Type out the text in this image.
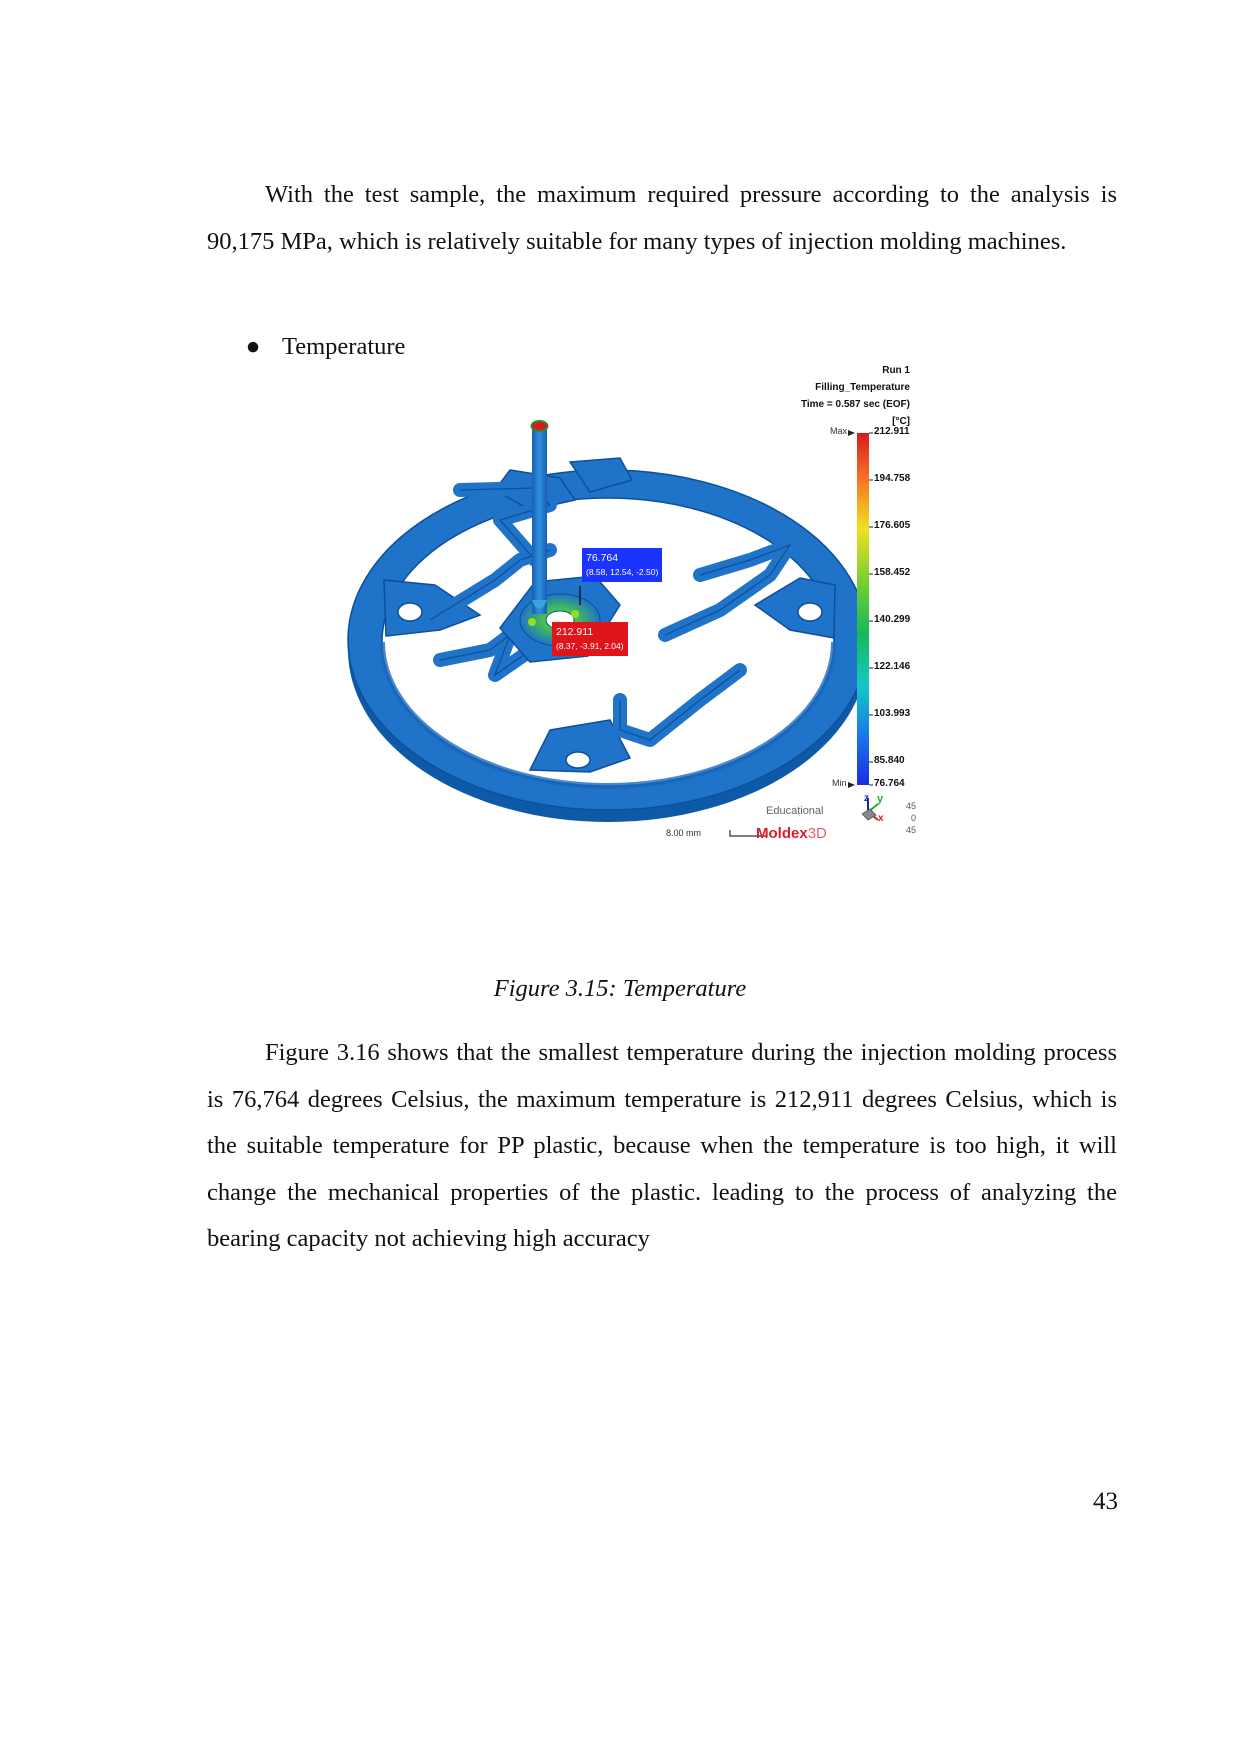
With the test sample, the maximum required pressure according to the analysis is 90,175 MPa, which is relatively suitable for many types of injection molding machines.

● Temperature
Run 1
Filling_Temperature
Time = 0.587 sec (EOF)
[°C]
Max
Min
212.911
194.758
176.605
158.452
140.299
122.146
103.993
85.840
76.764
76.764
(8.58, 12.54, -2.50)
212.911
(8.37, -3.91, 2.04)
Educational
Moldex3D
8.00 mm
z y
x
45
0
45
Figure 3.15: Temperature

Figure 3.16 shows that the smallest temperature during the injection molding process is 76,764 degrees Celsius, the maximum temperature is 212,911 degrees Celsius, which is the suitable temperature for PP plastic, because when the temperature is too high, it will change the mechanical properties of the plastic. leading to the process of analyzing the bearing capacity not achieving high accuracy

43
